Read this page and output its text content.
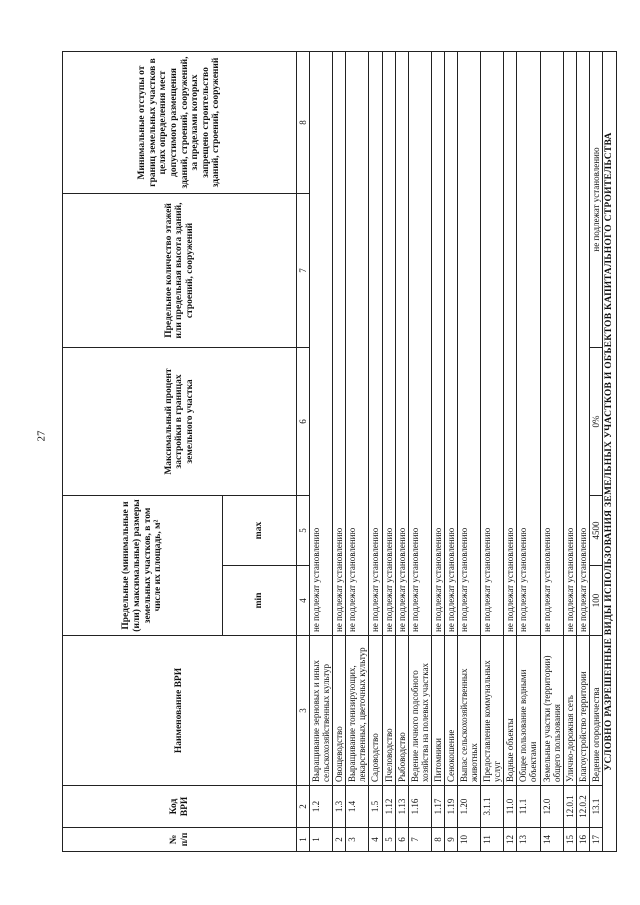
27
№ п/п	Код ВРИ	Наименование ВРИ	Предельные (минимальные и (или) максимальные) размеры земельных участков, в том числе их площадь, м²		Максимальный процент застройки в границах земельного участка	Предельное количество этажей или предельная высота зданий, строений, сооружений	Минимальные отступы от границ земельных участков в целях определения мест допустимого размещения зданий, строений, сооружений, за пределами которых запрещено строительство зданий, строений, сооружений
			min	max			
1	2	3	4	5	6	7	8
1	1.2	Выращивание зерновых и иных сельскохозяйственных культур	не подлежат установлению				
2	1.3	Овощеводство	не подлежат установлению				
3	1.4	Выращивание тонизирующих, лекарственных, цветочных культур	не подлежат установлению				
4	1.5	Садоводство	не подлежат установлению				
5	1.12	Пчеловодство	не подлежат установлению				
6	1.13	Рыбоводство	не подлежат установлению				
7	1.16	Ведение личного подсобного хозяйства на полевых участках	не подлежат установлению				
8	1.17	Питомники	не подлежат установлению				
9	1.19	Сенокошение	не подлежат установлению				
10	1.20	Выпас сельскохозяйственных животных	не подлежат установлению				
11	3.1.1	Предоставление коммунальных услуг	не подлежат установлению				
12	11.0	Водные объекты	не подлежат установлению				
13	11.1	Общее пользование водными объектами	не подлежат установлению				
14	12.0	Земельные участки (территории) общего пользования	не подлежат установлению				
15	12.0.1	Улично-дорожная сеть	не подлежат установлению				
16	12.0.2	Благоустройство территории	не подлежат установлению				
17	13.1	Ведение огородничества	100	4500	0%	не подлежат установлению	
УСЛОВНО РАЗРЕШЕННЫЕ ВИДЫ ИСПОЛЬЗОВАНИЯ ЗЕМЕЛЬНЫХ УЧАСТКОВ И ОБЪЕКТОВ КАПИТАЛЬНОГО СТРОИТЕЛЬСТВА							
